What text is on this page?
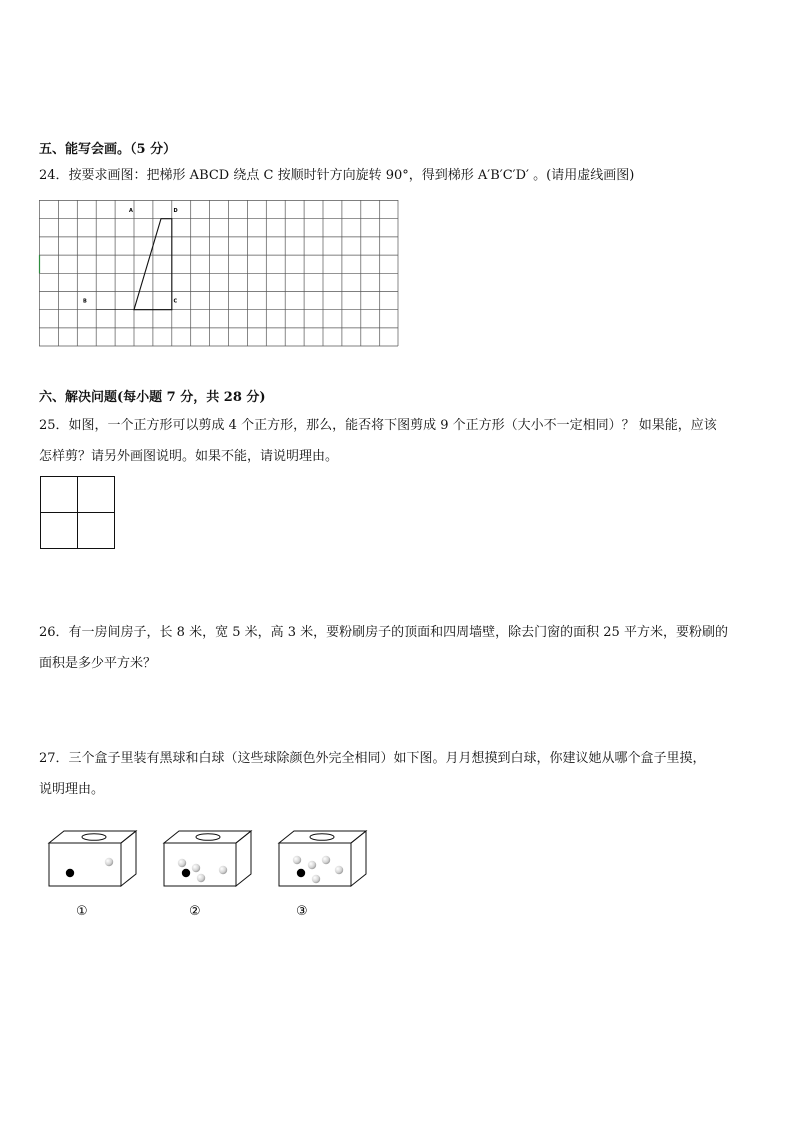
五、能写会画。（5 分）
24．按要求画图：把梯形 ABCD 绕点 C 按顺时针方向旋转 90°，得到梯形 A′B′C′D′ 。(请用虚线画图)
A	D
B	C
六、解决问题(每小题 7 分，共 28 分)
25．如图，一个正方形可以剪成 4 个正方形，那么，能否将下图剪成 9 个正方形（大小不一定相同）？ 如果能，应该
怎样剪？请另外画图说明。如果不能，请说明理由。
26．有一房间房子，长 8 米，宽 5 米，高 3 米，要粉刷房子的顶面和四周墙壁，除去门窗的面积 25 平方米，要粉刷的
面积是多少平方米？
27．三个盒子里装有黑球和白球（这些球除颜色外完全相同）如下图。月月想摸到白球，你建议她从哪个盒子里摸，
说明理由。
①	②	③
